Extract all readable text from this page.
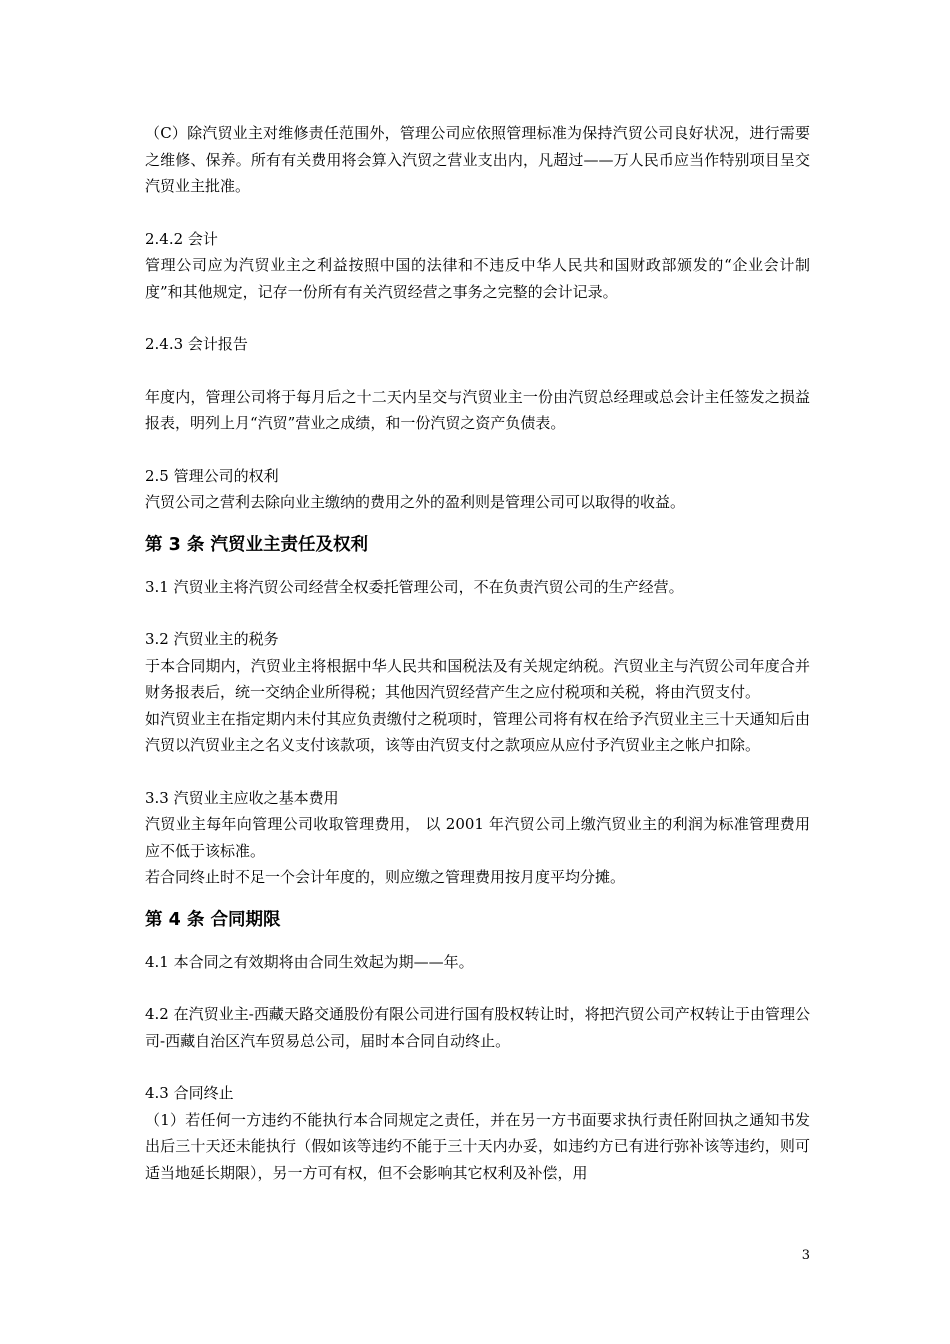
（C）除汽贸业主对维修责任范围外，管理公司应依照管理标准为保持汽贸公司良好状况，进行需要之维修、保养。所有有关费用将会算入汽贸之营业支出内，凡超过——万人民币应当作特别项目呈交汽贸业主批准。

2.4.2 会计

管理公司应为汽贸业主之利益按照中国的法律和不违反中华人民共和国财政部颁发的“企业会计制度”和其他规定，记存一份所有有关汽贸经营之事务之完整的会计记录。

2.4.3 会计报告

年度内，管理公司将于每月后之十二天内呈交与汽贸业主一份由汽贸总经理或总会计主任签发之损益报表，明列上月“汽贸”营业之成绩，和一份汽贸之资产负债表。

2.5 管理公司的权利

汽贸公司之营利去除向业主缴纳的费用之外的盈利则是管理公司可以取得的收益。

第 3 条 汽贸业主责任及权利

3.1 汽贸业主将汽贸公司经营全权委托管理公司，不在负责汽贸公司的生产经营。

3.2 汽贸业主的税务

于本合同期内，汽贸业主将根据中华人民共和国税法及有关规定纳税。汽贸业主与汽贸公司年度合并财务报表后，统一交纳企业所得税；其他因汽贸经营产生之应付税项和关税，将由汽贸支付。

如汽贸业主在指定期内未付其应负责缴付之税项时，管理公司将有权在给予汽贸业主三十天通知后由汽贸以汽贸业主之名义支付该款项，该等由汽贸支付之款项应从应付予汽贸业主之帐户扣除。

3.3 汽贸业主应收之基本费用

汽贸业主每年向管理公司收取管理费用， 以 2001 年汽贸公司上缴汽贸业主的利润为标准管理费用应不低于该标准。

若合同终止时不足一个会计年度的，则应缴之管理费用按月度平均分摊。

第 4 条 合同期限

4.1 本合同之有效期将由合同生效起为期——年。

4.2 在汽贸业主-西藏天路交通股份有限公司进行国有股权转让时，将把汽贸公司产权转让于由管理公司-西藏自治区汽车贸易总公司，届时本合同自动终止。

4.3 合同终止

（1）若任何一方违约不能执行本合同规定之责任，并在另一方书面要求执行责任附回执之通知书发出后三十天还未能执行（假如该等违约不能于三十天内办妥，如违约方已有进行弥补该等违约，则可适当地延长期限），另一方可有权，但不会影响其它权利及补偿，用

3
